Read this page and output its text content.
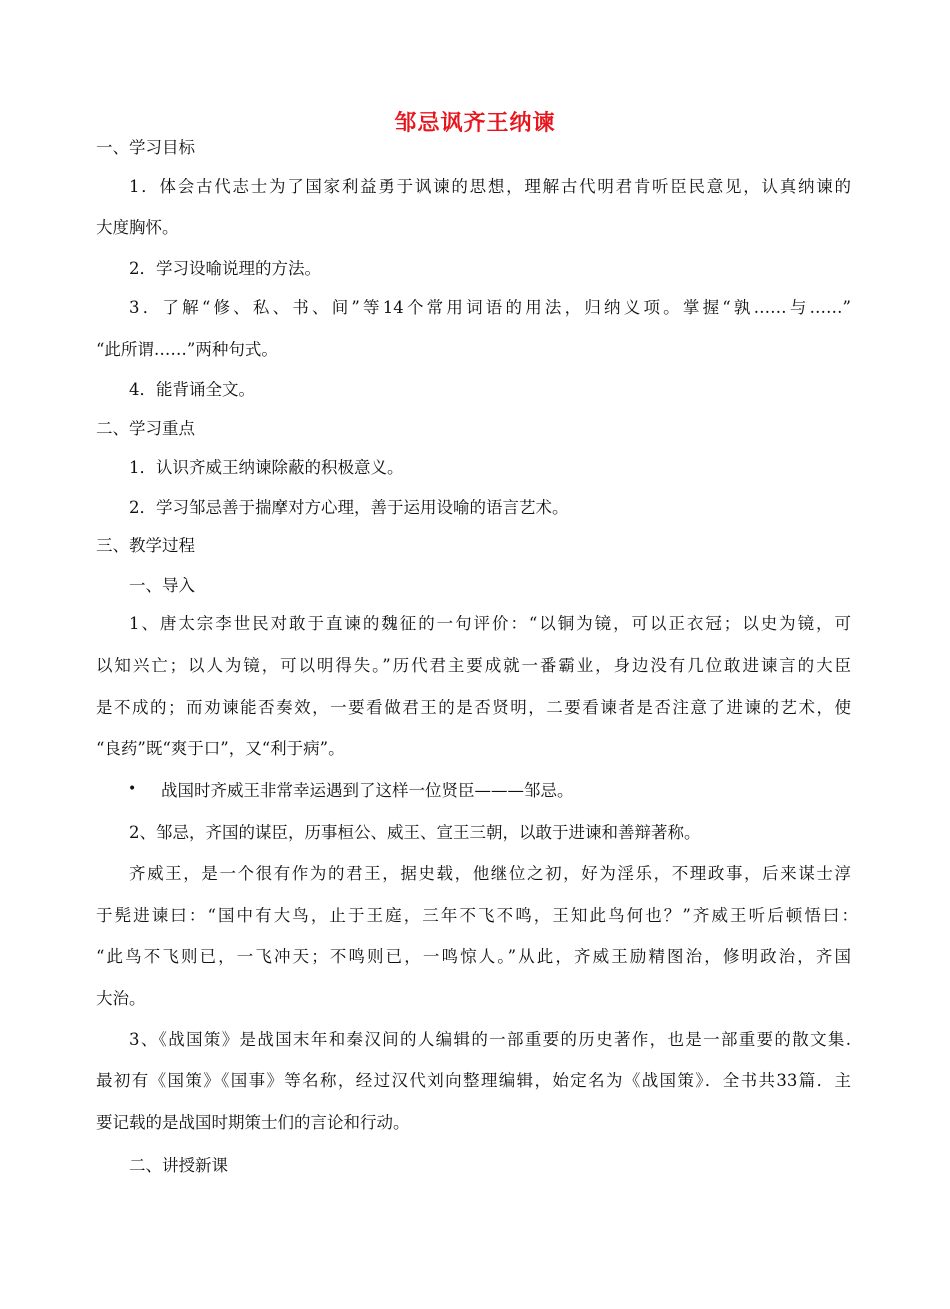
邹忌讽齐王纳谏
一、学习目标
1．体会古代志士为了国家利益勇于讽谏的思想，理解古代明君肯听臣民意见，认真纳谏的
大度胸怀。
2．学习设喻说理的方法。
3．了解“修、私、书、间”等14个常用词语的用法，归纳义项。掌握“孰……与……”
“此所谓……”两种句式。
4．能背诵全文。
二、学习重点
1．认识齐威王纳谏除蔽的积极意义。
2．学习邹忌善于揣摩对方心理，善于运用设喻的语言艺术。
三、教学过程
一、导入
1、唐太宗李世民对敢于直谏的魏征的一句评价：“以铜为镜，可以正衣冠；以史为镜，可
以知兴亡；以人为镜，可以明得失。”历代君主要成就一番霸业，身边没有几位敢进谏言的大臣
是不成的；而劝谏能否奏效，一要看做君王的是否贤明，二要看谏者是否注意了进谏的艺术，使
“良药”既“爽于口”，又“利于病”。
• 战国时齐威王非常幸运遇到了这样一位贤臣———邹忌。
2、邹忌，齐国的谋臣，历事桓公、威王、宣王三朝，以敢于进谏和善辩著称。
齐威王，是一个很有作为的君王，据史载，他继位之初，好为淫乐，不理政事，后来谋士淳
于髡进谏曰：“国中有大鸟，止于王庭，三年不飞不鸣，王知此鸟何也？”齐威王听后顿悟曰：
“此鸟不飞则已，一飞冲天；不鸣则已，一鸣惊人。”从此，齐威王励精图治，修明政治，齐国
大治。
3、《战国策》是战国末年和秦汉间的人编辑的一部重要的历史著作，也是一部重要的散文集.
最初有《国策》《国事》等名称，经过汉代刘向整理编辑，始定名为《战国策》．全书共33篇．主
要记载的是战国时期策士们的言论和行动。
二、讲授新课
